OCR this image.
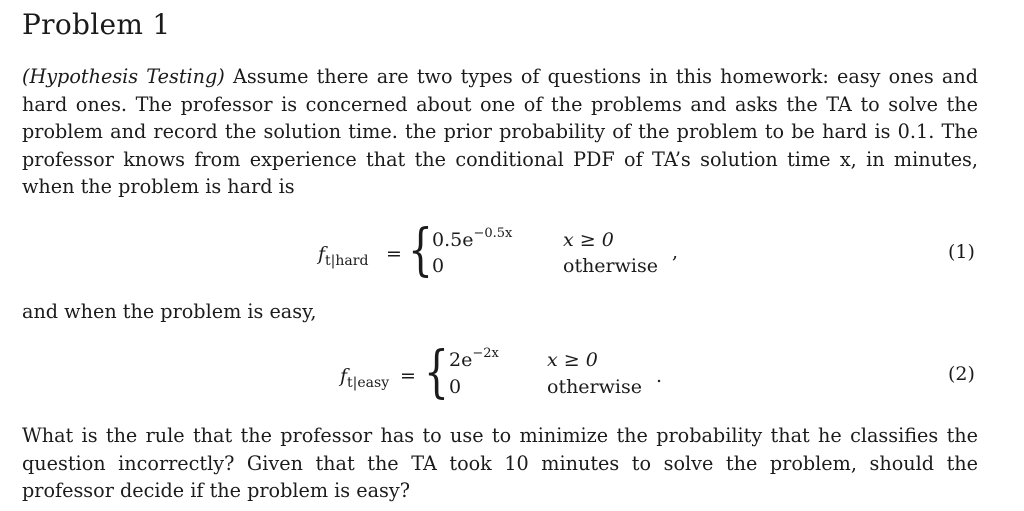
Problem 1
(Hypothesis Testing) Assume there are two types of questions in this homework: easy ones and hard ones. The professor is concerned about one of the problems and asks the TA to solve the problem and record the solution time. the prior probability of the problem to be hard is 0.1. The professor knows from experience that the conditional PDF of TA’s solution time x, in minutes, when the problem is hard is
$f_{t|hard}$ = { $0.5e^{-0.5x}$	x ≥ 0
0	otherwise
,	(1)
and when the problem is easy,
$f_{t|easy}$ = { $2e^{-2x}$	x ≥ 0
0	otherwise .	(2)
What is the rule that the professor has to use to minimize the probability that he classifies the question incorrectly? Given that the TA took 10 minutes to solve the problem, should the professor decide if the problem is easy?
